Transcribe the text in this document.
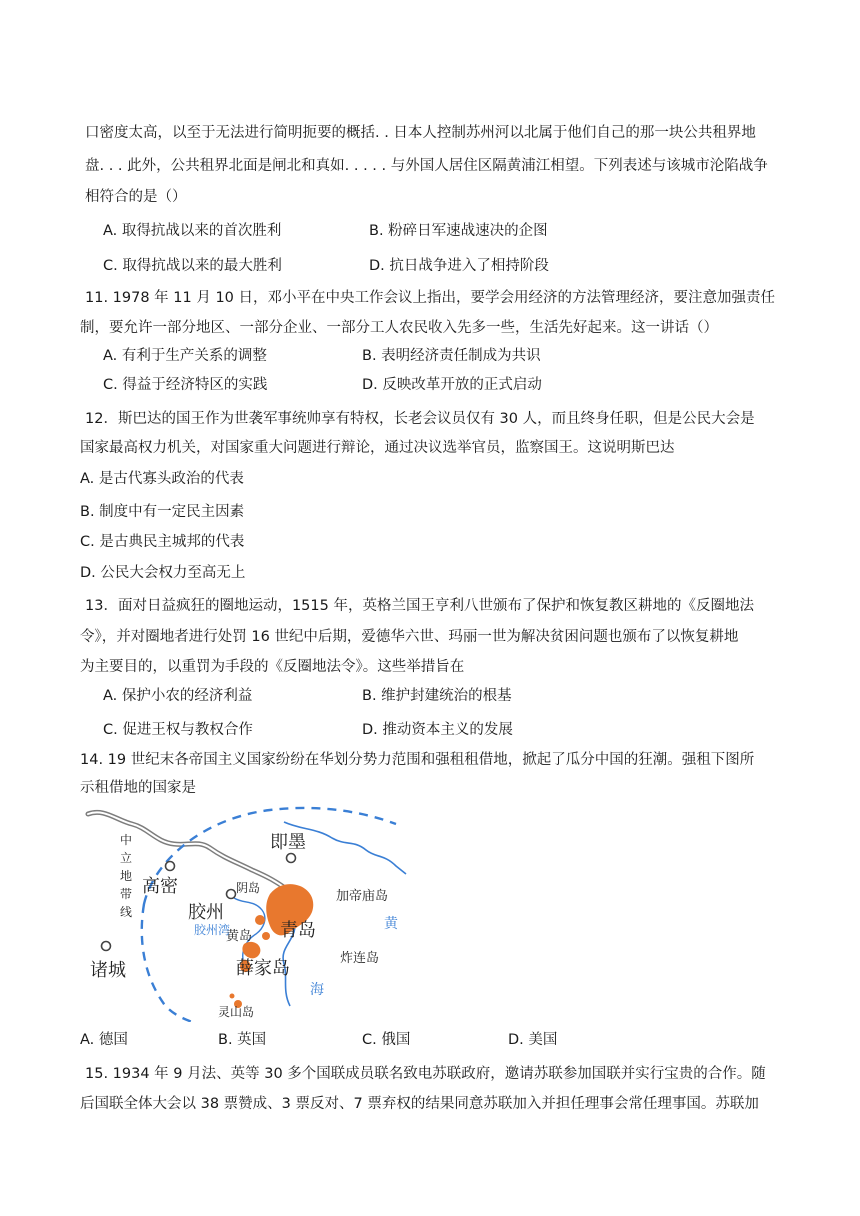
口密度太高，以至于无法进行简明扼要的概括. . 日本人控制苏州河以北属于他们自己的那一块公共租界地
盘. . . 此外，公共租界北面是闸北和真如. . . . . 与外国人居住区隔黄浦江相望。下列表述与该城市沦陷战争
相符合的是（）
A. 取得抗战以来的首次胜利	B. 粉碎日军速战速决的企图
C. 取得抗战以来的最大胜利	D. 抗日战争进入了相持阶段
11. 1978 年 11 月 10 日，邓小平在中央工作会议上指出，要学会用经济的方法管理经济，要注意加强责任
制，要允许一部分地区、一部分企业、一部分工人农民收入先多一些，生活先好起来。这一讲话（）
A. 有利于生产关系的调整	B. 表明经济责任制成为共识
C. 得益于经济特区的实践	D. 反映改革开放的正式启动
12．斯巴达的国王作为世袭军事统帅享有特权，长老会议员仅有 30 人，而且终身任职，但是公民大会是
国家最高权力机关，对国家重大问题进行辩论，通过决议选举官员，监察国王。这说明斯巴达
A. 是古代寡头政治的代表
B. 制度中有一定民主因素
C. 是古典民主城邦的代表
D. 公民大会权力至高无上
13．面对日益疯狂的圈地运动，1515 年，英格兰国王亨利八世颁布了保护和恢复教区耕地的《反圈地法
令》，并对圈地者进行处罚 16 世纪中后期，爱德华六世、玛丽一世为解决贫困问题也颁布了以恢复耕地
为主要目的，以重罚为手段的《反圈地法令》。这些举措旨在
A. 保护小农的经济利益	B. 维护封建统治的根基
C. 促进王权与教权合作	D. 推动资本主义的发展
14. 19 世纪末各帝国主义国家纷纷在华划分势力范围和强租租借地，掀起了瓜分中国的狂潮。强租下图所
示租借地的国家是
即墨
高密
胶州
阴岛
胶州湾
黄岛 青岛
薛家岛
诸城
加帝庙岛
炸连岛
黄
海
灵山岛
中
立
地
带
线
A. 德国	B. 英国	C. 俄国	D. 美国
15. 1934 年 9 月法、英等 30 多个国联成员联名致电苏联政府，邀请苏联参加国联并实行宝贵的合作。随
后国联全体大会以 38 票赞成、3 票反对、7 票弃权的结果同意苏联加入并担任理事会常任理事国。苏联加
